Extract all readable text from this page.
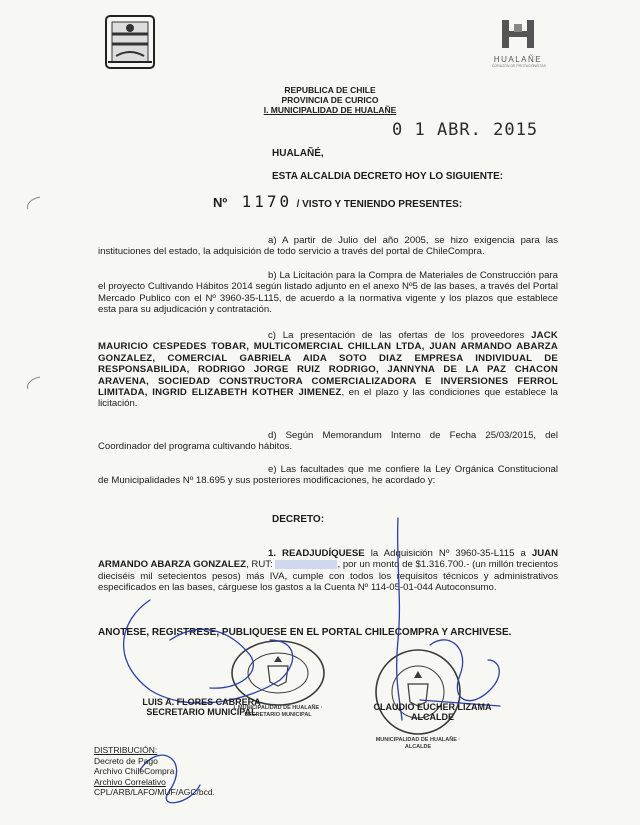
HUALAÑE
CORAZÓN DE PROTAGONISTAS
REPUBLICA DE CHILE
PROVINCIA DE CURICO
I. MUNICIPALIDAD DE HUALAÑE
0 1 ABR. 2015
HUALAÑÉ,
ESTA ALCALDIA DECRETO HOY LO SIGUIENTE:
Nº 1170 / VISTO Y TENIENDO PRESENTES:
a) A partir de Julio del año 2005, se hizo exigencia para las instituciones del estado, la adquisición de todo servicio a través del portal de ChileCompra.
b) La Licitación para la Compra de Materiales de Construcción para el proyecto Cultivando Hábitos 2014 según listado adjunto en el anexo Nº5 de las bases, a través del Portal Mercado Publico con el Nº 3960-35-L115, de acuerdo a la normativa vigente y los plazos que establece esta para su adjudicación y contratación.
c) La presentación de las ofertas de los proveedores JACK MAURICIO CESPEDES TOBAR, MULTICOMERCIAL CHILLAN LTDA, JUAN ARMANDO ABARZA GONZALEZ, COMERCIAL GABRIELA AIDA SOTO DIAZ EMPRESA INDIVIDUAL DE RESPONSABILIDA, RODRIGO JORGE RUIZ RODRIGO, JANNYNA DE LA PAZ CHACON ARAVENA, SOCIEDAD CONSTRUCTORA COMERCIALIZADORA E INVERSIONES FERROL LIMITADA, INGRID ELIZABETH KOTHER JIMENEZ, en el plazo y las condiciones que establece la licitación.
d) Según Memorandum Interno de Fecha 25/03/2015, del Coordinador del programa cultivando hábitos.
e) Las facultades que me confiere la Ley Orgánica Constitucional de Municipalidades Nº 18.695 y sus posteriores modificaciones, he acordado y:
DECRETO:
1. READJUDÍQUESE la Adquisición Nº 3960-35-L115 a JUAN ARMANDO ABARZA GONZALEZ, RUT:	, por un monto de $1.316.700.- (un millón trecientos dieciséis mil setecientos pesos) más IVA, cumple con todos los requisitos técnicos y administrativos especificados en las bases, cárguese los gastos a la Cuenta Nº 114-05-01-044 Autoconsumo.
ANOTESE, REGISTRESE, PUBLIQUESE EN EL PORTAL CHILECOMPRA Y ARCHIVESE.
I. MUNICIPALIDAD DE HUALAÑE · SECRETARIO MUNICIPAL
MUNICIPALIDAD DE HUALAÑE · ALCALDE
LUIS A. FLORES CABRERA
SECRETARIO MUNICIPAL	CLAUDIO EUCHER LIZAMA
ALCALDE
DISTRIBUCIÓN:
Decreto de Pago
Archivo ChileCompra
Archivo Correlativo
CPL/ARB/LAFO/MUF/AGC/bcd.
